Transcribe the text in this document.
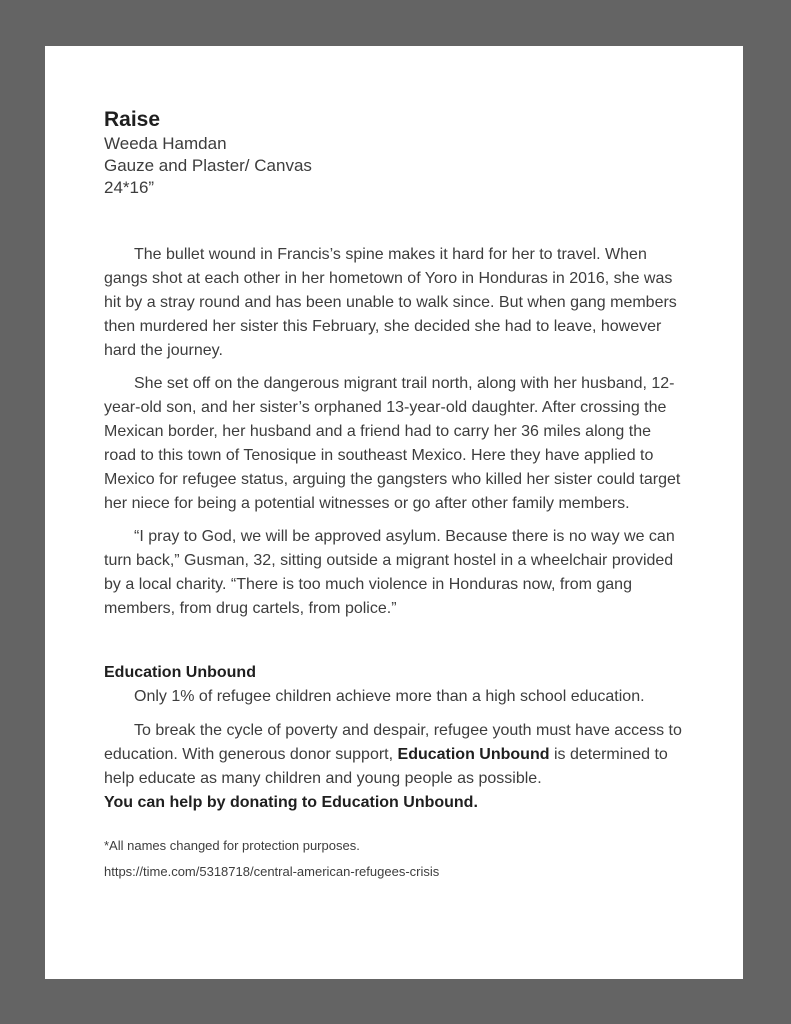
Raise
Weeda Hamdan
Gauze and Plaster/ Canvas
24*16”

The bullet wound in Francis’s spine makes it hard for her to travel. When gangs shot at each other in her hometown of Yoro in Honduras in 2016, she was hit by a stray round and has been unable to walk since. But when gang members then murdered her sister this February, she decided she had to leave, however hard the journey.

She set off on the dangerous migrant trail north, along with her husband, 12-year-old son, and her sister’s orphaned 13-year-old daughter. After crossing the Mexican border, her husband and a friend had to carry her 36 miles along the road to this town of Tenosique in southeast Mexico. Here they have applied to Mexico for refugee status, arguing the gangsters who killed her sister could target her niece for being a potential witnesses or go after other family members.

“I pray to God, we will be approved asylum. Because there is no way we can turn back,” Gusman, 32, sitting outside a migrant hostel in a wheelchair provided by a local charity. “There is too much violence in Honduras now, from gang members, from drug cartels, from police.”

Education Unbound

Only 1% of refugee children achieve more than a high school education.

To break the cycle of poverty and despair, refugee youth must have access to education. With generous donor support, Education Unbound is determined to help educate as many children and young people as possible.
You can help by donating to Education Unbound.

*All names changed for protection purposes.

https://time.com/5318718/central-american-refugees-crisis
